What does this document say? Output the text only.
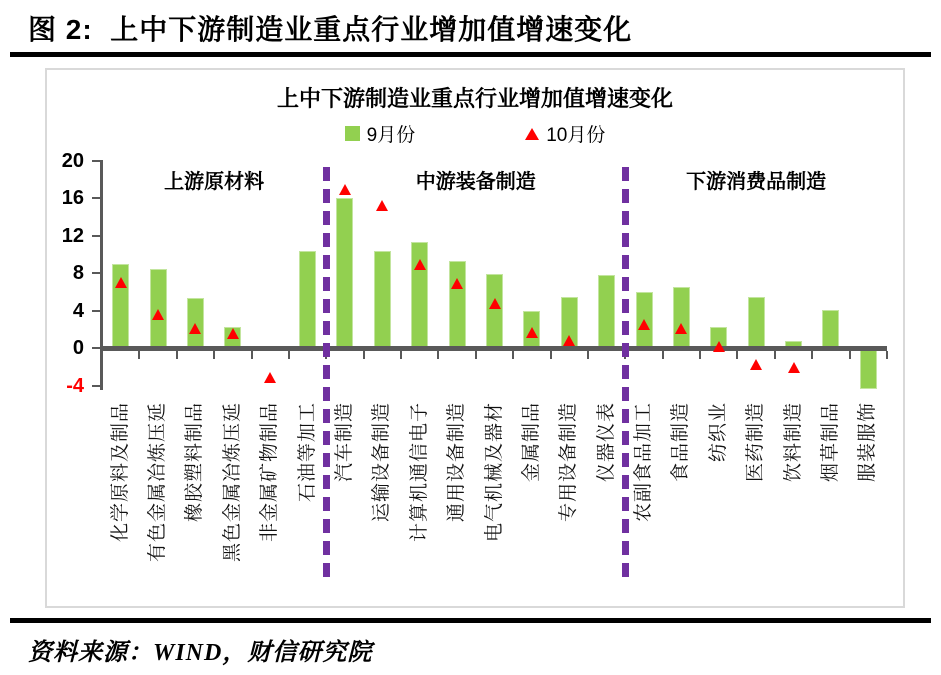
图 2:  上中下游制造业重点行业增加值增速变化
上中下游制造业重点行业增加值增速变化
9月份	10月份
20
16
12
8
4
0
-4
上游原材料	中游装备制造	下游消费品制造
化学原料及制品 有色金属冶炼压延 橡胶塑料制品 黑色金属冶炼压延 非金属矿物制品 石油等加工 汽车制造 运输设备制造 计算机通信电子 通用设备制造 电气机械及器材 金属制品 专用设备制造 仪器仪表 农副食品加工 食品制造 纺织业 医药制造 饮料制造 烟草制品 服装服饰
资料来源：WIND，财信研究院
